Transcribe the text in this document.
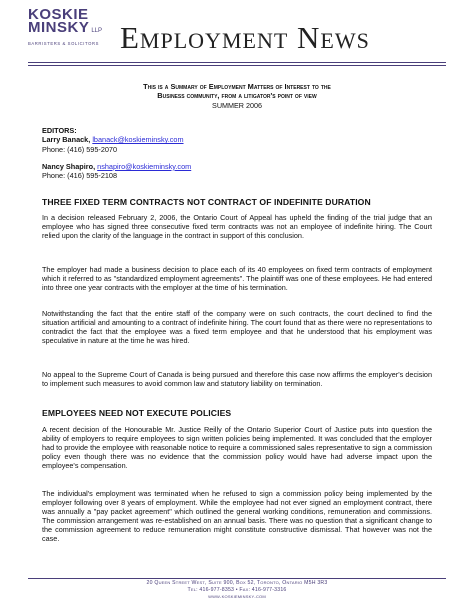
KOSKIE
MINSKY LLP
BARRISTERS & SOLICITORS Employment News
This is a Summary of Employment Matters of Interest to the
Business community, from a litigator's point of view
SUMMER 2006
EDITORS:
Larry Banack, lbanack@koskieminsky.com
Phone: (416) 595-2070
Nancy Shapiro, nshapiro@koskieminsky.com
Phone: (416) 595-2108
THREE FIXED TERM CONTRACTS NOT CONTRACT OF INDEFINITE DURATION
In a decision released February 2, 2006, the Ontario Court of Appeal has upheld the finding of the trial judge that an employee who has signed three consecutive fixed term contracts was not an employee of indefinite hiring. The Court relied upon the clarity of the language in the contract in support of this conclusion.
The employer had made a business decision to place each of its 40 employees on fixed term contracts of employment which it referred to as "standardized employment agreements". The plaintiff was one of these employees. He had entered into three one year contracts with the employer at the time of his termination.
Notwithstanding the fact that the entire staff of the company were on such contracts, the court declined to find the situation artificial and amounting to a contract of indefinite hiring. The court found that as there were no representations to contradict the fact that the employee was a fixed term employee and that he understood that his employment was speculative in nature at the time he was hired.
No appeal to the Supreme Court of Canada is being pursued and therefore this case now affirms the employer's decision to implement such measures to avoid common law and statutory liability on termination.
EMPLOYEES NEED NOT EXECUTE POLICIES
A recent decision of the Honourable Mr. Justice Reilly of the Ontario Superior Court of Justice puts into question the ability of employers to require employees to sign written policies being implemented. It was concluded that the employer had to provide the employee with reasonable notice to require a commissioned sales representative to sign a commission policy even though there was no evidence that the commission policy would have had adverse impact upon the employee's compensation.
The individual's employment was terminated when he refused to sign a commission policy being implemented by the employer following over 8 years of employment. While the employee had not ever signed an employment contract, there was annually a "pay packet agreement" which outlined the general working conditions, remuneration and commissions. The commission arrangement was re-established on an annual basis. There was no question that a significant change to the commission agreement to reduce remuneration might constitute constructive dismissal. That however was not the case.
20 Queen Street West, Suite 900, Box 52, Toronto, Ontario M5H 3R3
Tel: 416-977-8353 • Fax: 416-977-3316
www.koskieminsky.com
